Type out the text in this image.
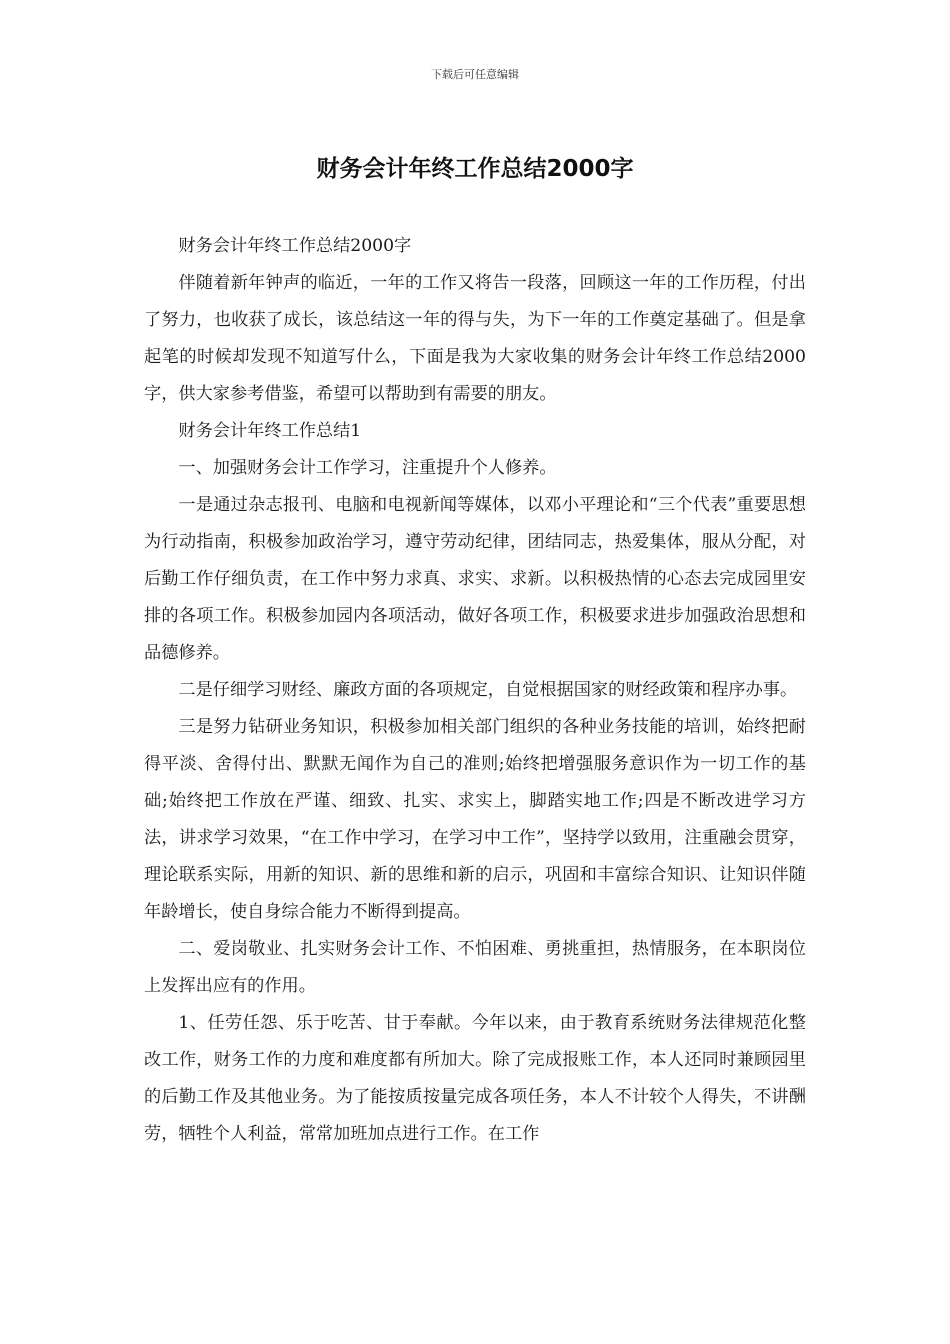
下载后可任意编辑
财务会计年终工作总结2000字

财务会计年终工作总结2000字

伴随着新年钟声的临近，一年的工作又将告一段落，回顾这一年的工作历程，付出了努力，也收获了成长，该总结这一年的得与失，为下一年的工作奠定基础了。但是拿起笔的时候却发现不知道写什么，下面是我为大家收集的财务会计年终工作总结2000字，供大家参考借鉴，希望可以帮助到有需要的朋友。

财务会计年终工作总结1

一、加强财务会计工作学习，注重提升个人修养。

一是通过杂志报刊、电脑和电视新闻等媒体，以邓小平理论和“三个代表”重要思想为行动指南，积极参加政治学习，遵守劳动纪律，团结同志，热爱集体，服从分配，对后勤工作仔细负责，在工作中努力求真、求实、求新。以积极热情的心态去完成园里安排的各项工作。积极参加园内各项活动，做好各项工作，积极要求进步加强政治思想和品德修养。

二是仔细学习财经、廉政方面的各项规定，自觉根据国家的财经政策和程序办事。

三是努力钻研业务知识，积极参加相关部门组织的各种业务技能的培训，始终把耐得平淡、舍得付出、默默无闻作为自己的准则;始终把增强服务意识作为一切工作的基础;始终把工作放在严谨、细致、扎实、求实上，脚踏实地工作;四是不断改进学习方法，讲求学习效果，“在工作中学习，在学习中工作”，坚持学以致用，注重融会贯穿，理论联系实际，用新的知识、新的思维和新的启示，巩固和丰富综合知识、让知识伴随年龄增长，使自身综合能力不断得到提高。

二、爱岗敬业、扎实财务会计工作、不怕困难、勇挑重担，热情服务，在本职岗位上发挥出应有的作用。

1、任劳任怨、乐于吃苦、甘于奉献。今年以来，由于教育系统财务法律规范化整改工作，财务工作的力度和难度都有所加大。除了完成报账工作，本人还同时兼顾园里的后勤工作及其他业务。为了能按质按量完成各项任务，本人不计较个人得失，不讲酬劳，牺牲个人利益，常常加班加点进行工作。在工作
